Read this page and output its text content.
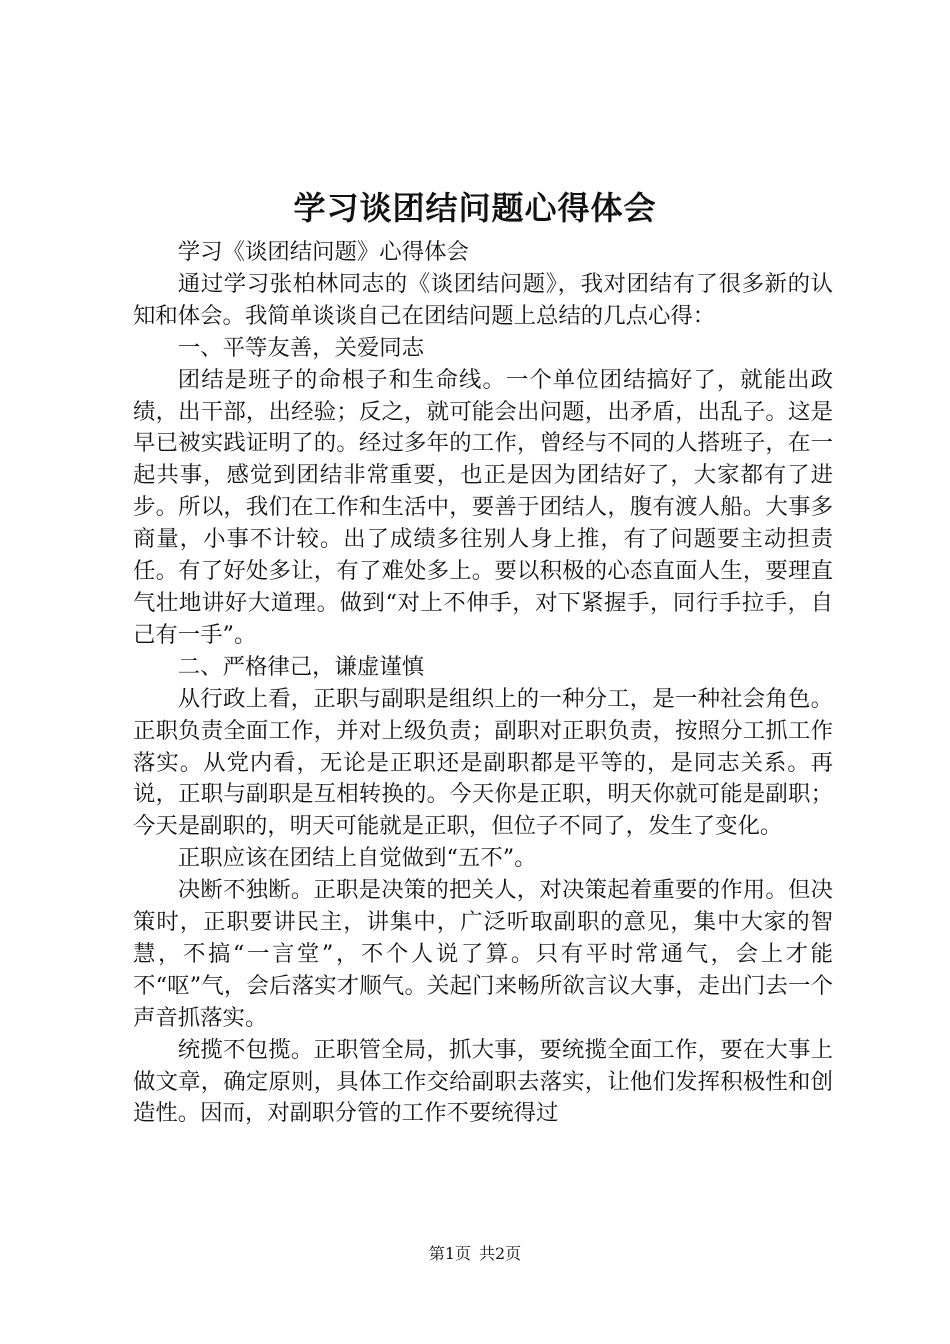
学习谈团结问题心得体会

学习《谈团结问题》心得体会

通过学习张柏林同志的《谈团结问题》，我对团结有了很多新的认知和体会。我简单谈谈自己在团结问题上总结的几点心得：

一、平等友善，关爱同志

团结是班子的命根子和生命线。一个单位团结搞好了，就能出政绩，出干部，出经验；反之，就可能会出问题，出矛盾，出乱子。这是早已被实践证明了的。经过多年的工作，曾经与不同的人搭班子，在一起共事，感觉到团结非常重要，也正是因为团结好了，大家都有了进步。所以，我们在工作和生活中，要善于团结人，腹有渡人船。大事多商量，小事不计较。出了成绩多往别人身上推，有了问题要主动担责任。有了好处多让，有了难处多上。要以积极的心态直面人生，要理直气壮地讲好大道理。做到“对上不伸手，对下紧握手，同行手拉手，自己有一手”。

二、严格律己，谦虚谨慎

从行政上看，正职与副职是组织上的一种分工，是一种社会角色。正职负责全面工作，并对上级负责；副职对正职负责，按照分工抓工作落实。从党内看，无论是正职还是副职都是平等的，是同志关系。再说，正职与副职是互相转换的。今天你是正职，明天你就可能是副职；今天是副职的，明天可能就是正职，但位子不同了，发生了变化。

正职应该在团结上自觉做到“五不”。

决断不独断。正职是决策的把关人，对决策起着重要的作用。但决策时，正职要讲民主，讲集中，广泛听取副职的意见，集中大家的智慧，不搞“一言堂”，不个人说了算。只有平时常通气，会上才能不“呕”气，会后落实才顺气。关起门来畅所欲言议大事，走出门去一个声音抓落实。

统揽不包揽。正职管全局，抓大事，要统揽全面工作，要在大事上做文章，确定原则，具体工作交给副职去落实，让他们发挥积极性和创造性。因而，对副职分管的工作不要统得过

第1页 共2页
